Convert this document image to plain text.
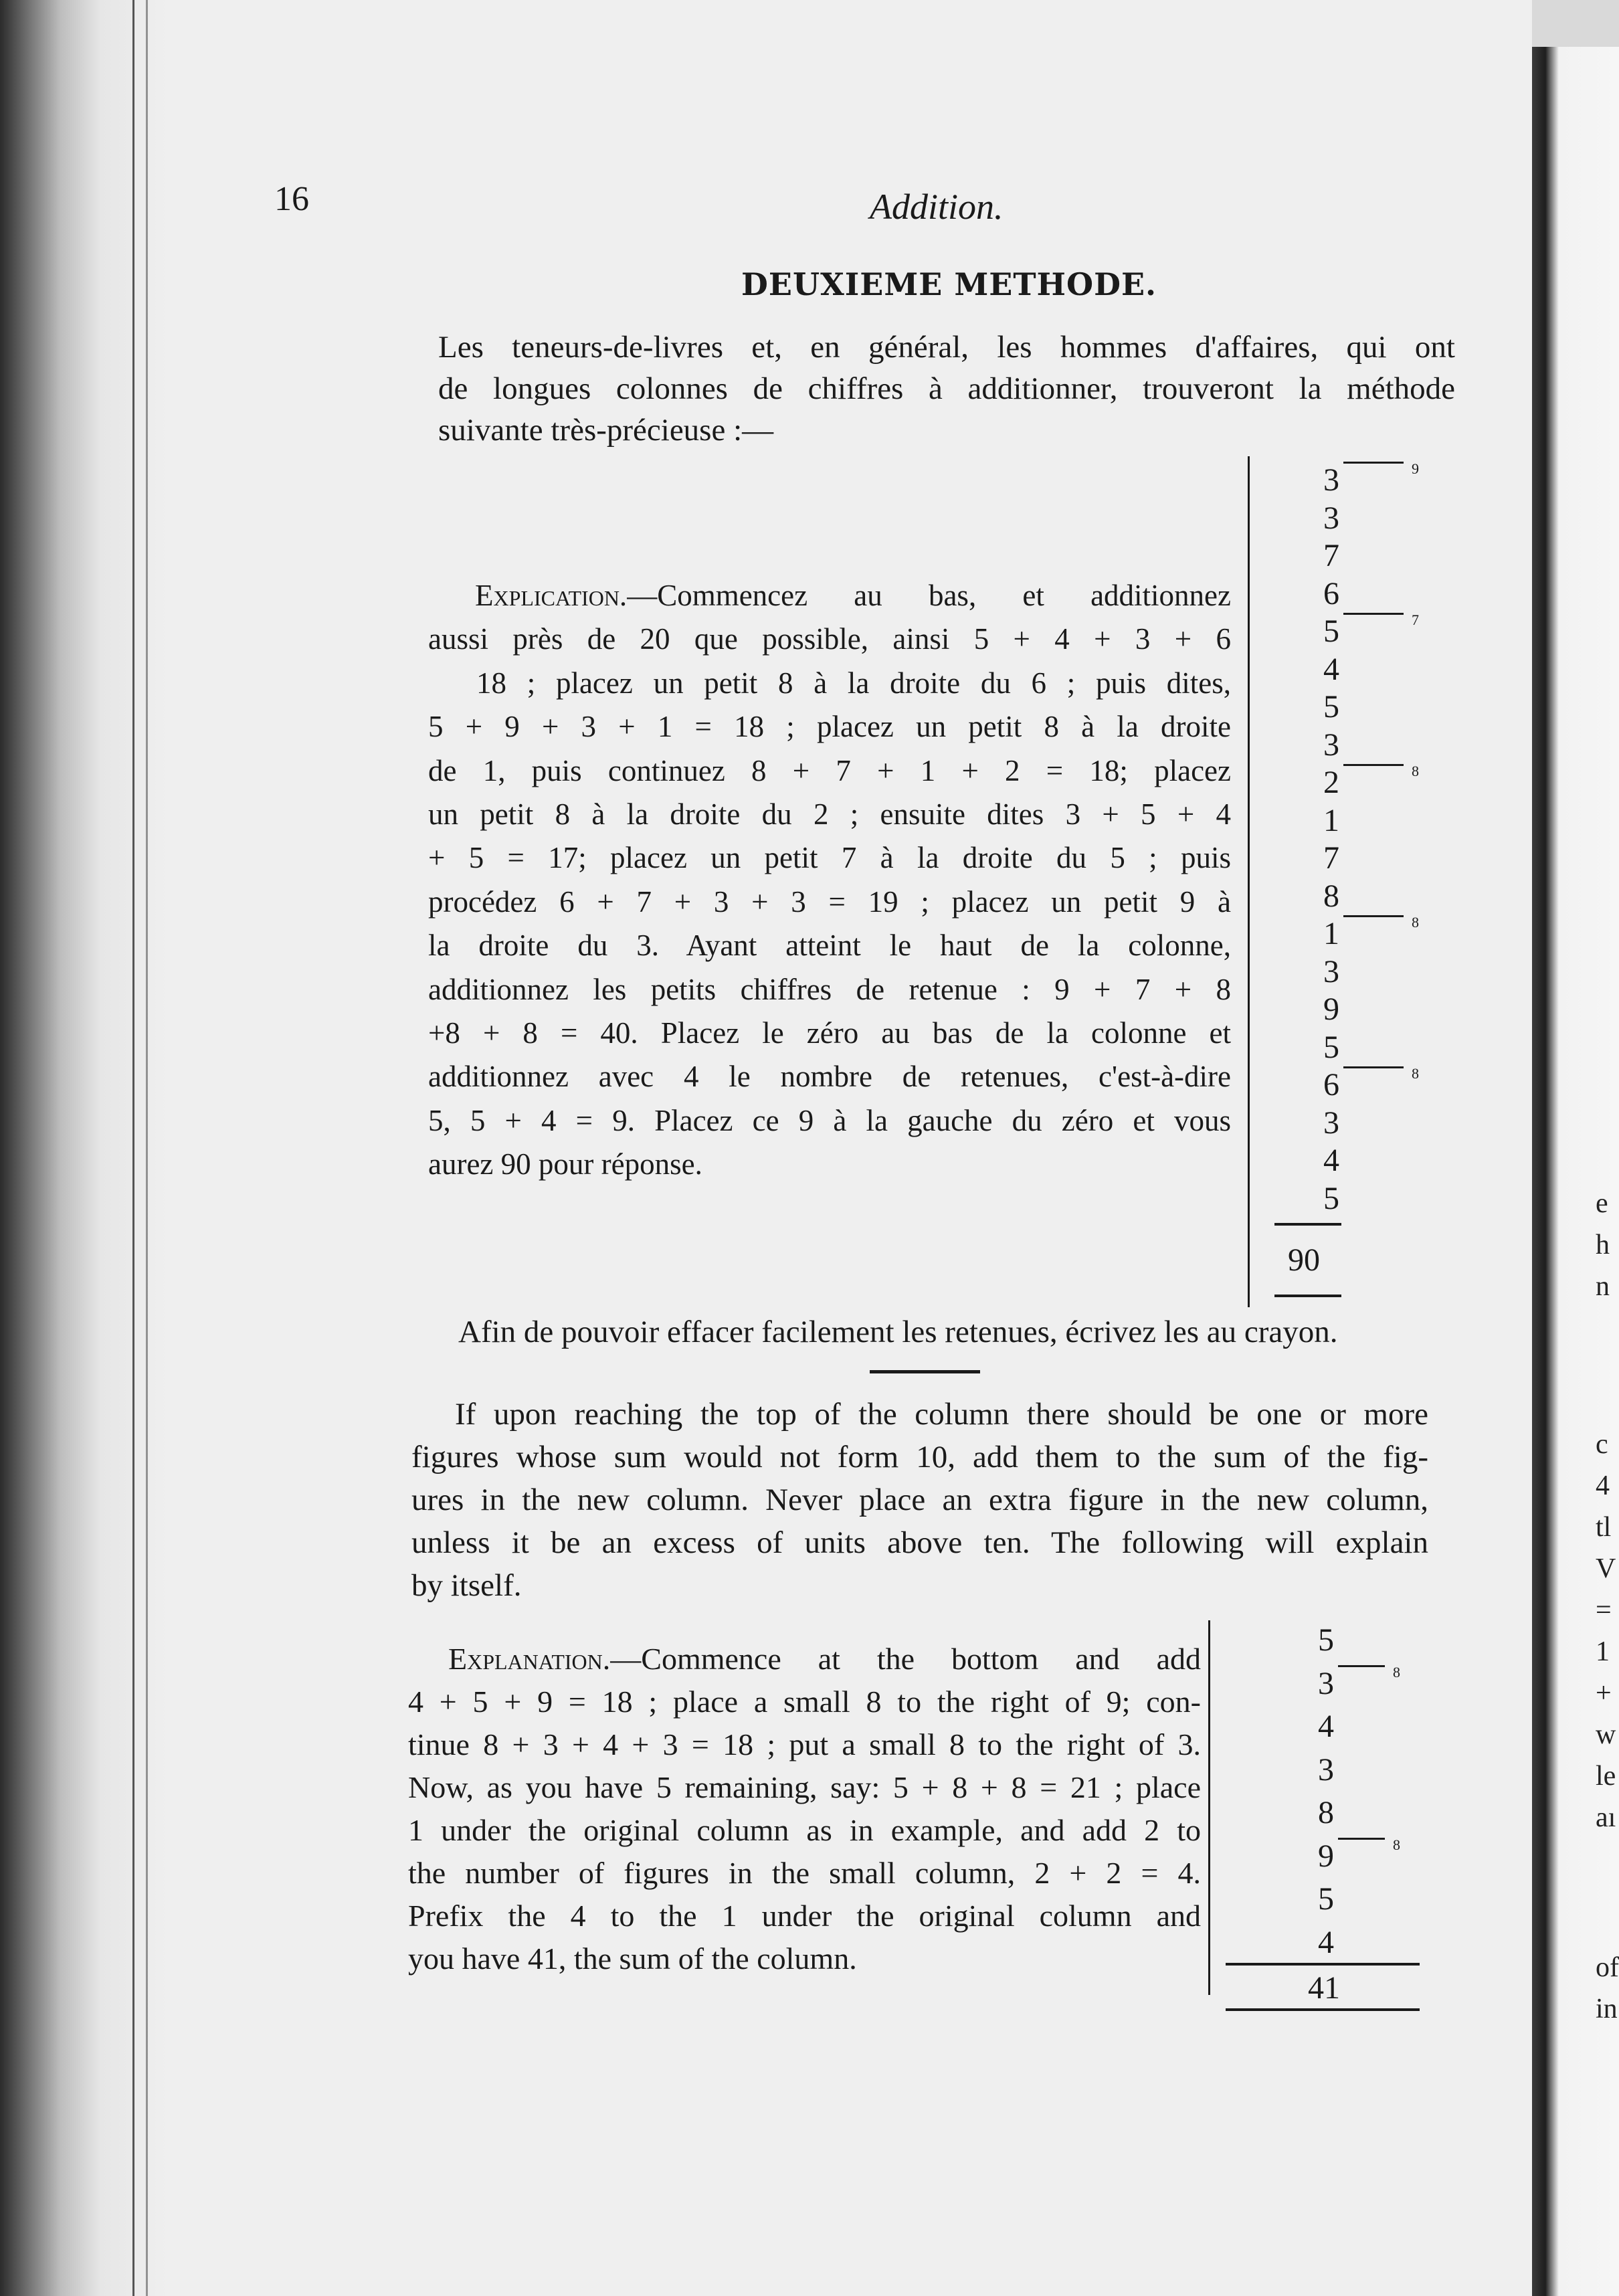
e
h
n
c
4
tl
V
=
1
+
w
le
aı
of
in
16	Addition.
DEUXIEME METHODE.

Les teneurs-de-livres et, en général, les hommes d'affaires, qui ont

de longues colonnes de chiffres à additionner, trouveront la méthode

suivante très-précieuse :—

Explication.—Commencez au bas, et additionnez

aussi près de 20 que possible, ainsi 5 + 4 + 3 + 6

18 ; placez un petit 8 à la droite du 6 ; puis dites,

5 + 9 + 3 + 1 = 18 ; placez un petit 8 à la droite

de 1, puis continuez 8 + 7 + 1 + 2 = 18; placez

un petit 8 à la droite du 2 ; ensuite dites 3 + 5 + 4

+ 5 = 17; placez un petit 7 à la droite du 5 ; puis

procédez 6 + 7 + 3 + 3 = 19 ; placez un petit 9 à

la droite du 3. Ayant atteint le haut de la colonne,

additionnez les petits chiffres de retenue : 9 + 7 + 8

+8 + 8 = 40. Placez le zéro au bas de la colonne et

additionnez avec 4 le nombre de retenues, c'est-à-dire

5, 5 + 4 = 9. Placez ce 9 à la gauche du zéro et vous

aurez 90 pour réponse.

3
3
7
6
5
4
5
3
2
1
7
8
1
3
9
5
6
3
4
5
9
7
8
8
8
90
Afin de pouvoir effacer facilement les retenues, écrivez les au crayon.

If upon reaching the top of the column there should be one or more

figures whose sum would not form 10, add them to the sum of the fig-

ures in the new column. Never place an extra figure in the new column,

unless it be an excess of units above ten. The following will explain

by itself.

Explanation.—Commence at the bottom and add

4 + 5 + 9 = 18 ; place a small 8 to the right of 9; con-

tinue 8 + 3 + 4 + 3 = 18 ; put a small 8 to the right of 3.

Now, as you have 5 remaining, say: 5 + 8 + 8 = 21 ; place

1 under the original column as in example, and add 2 to

the number of figures in the small column, 2 + 2 = 4.

Prefix the 4 to the 1 under the original column and

you have 41, the sum of the column.

5
3
4
3
8
9
5
4
8
8
41
